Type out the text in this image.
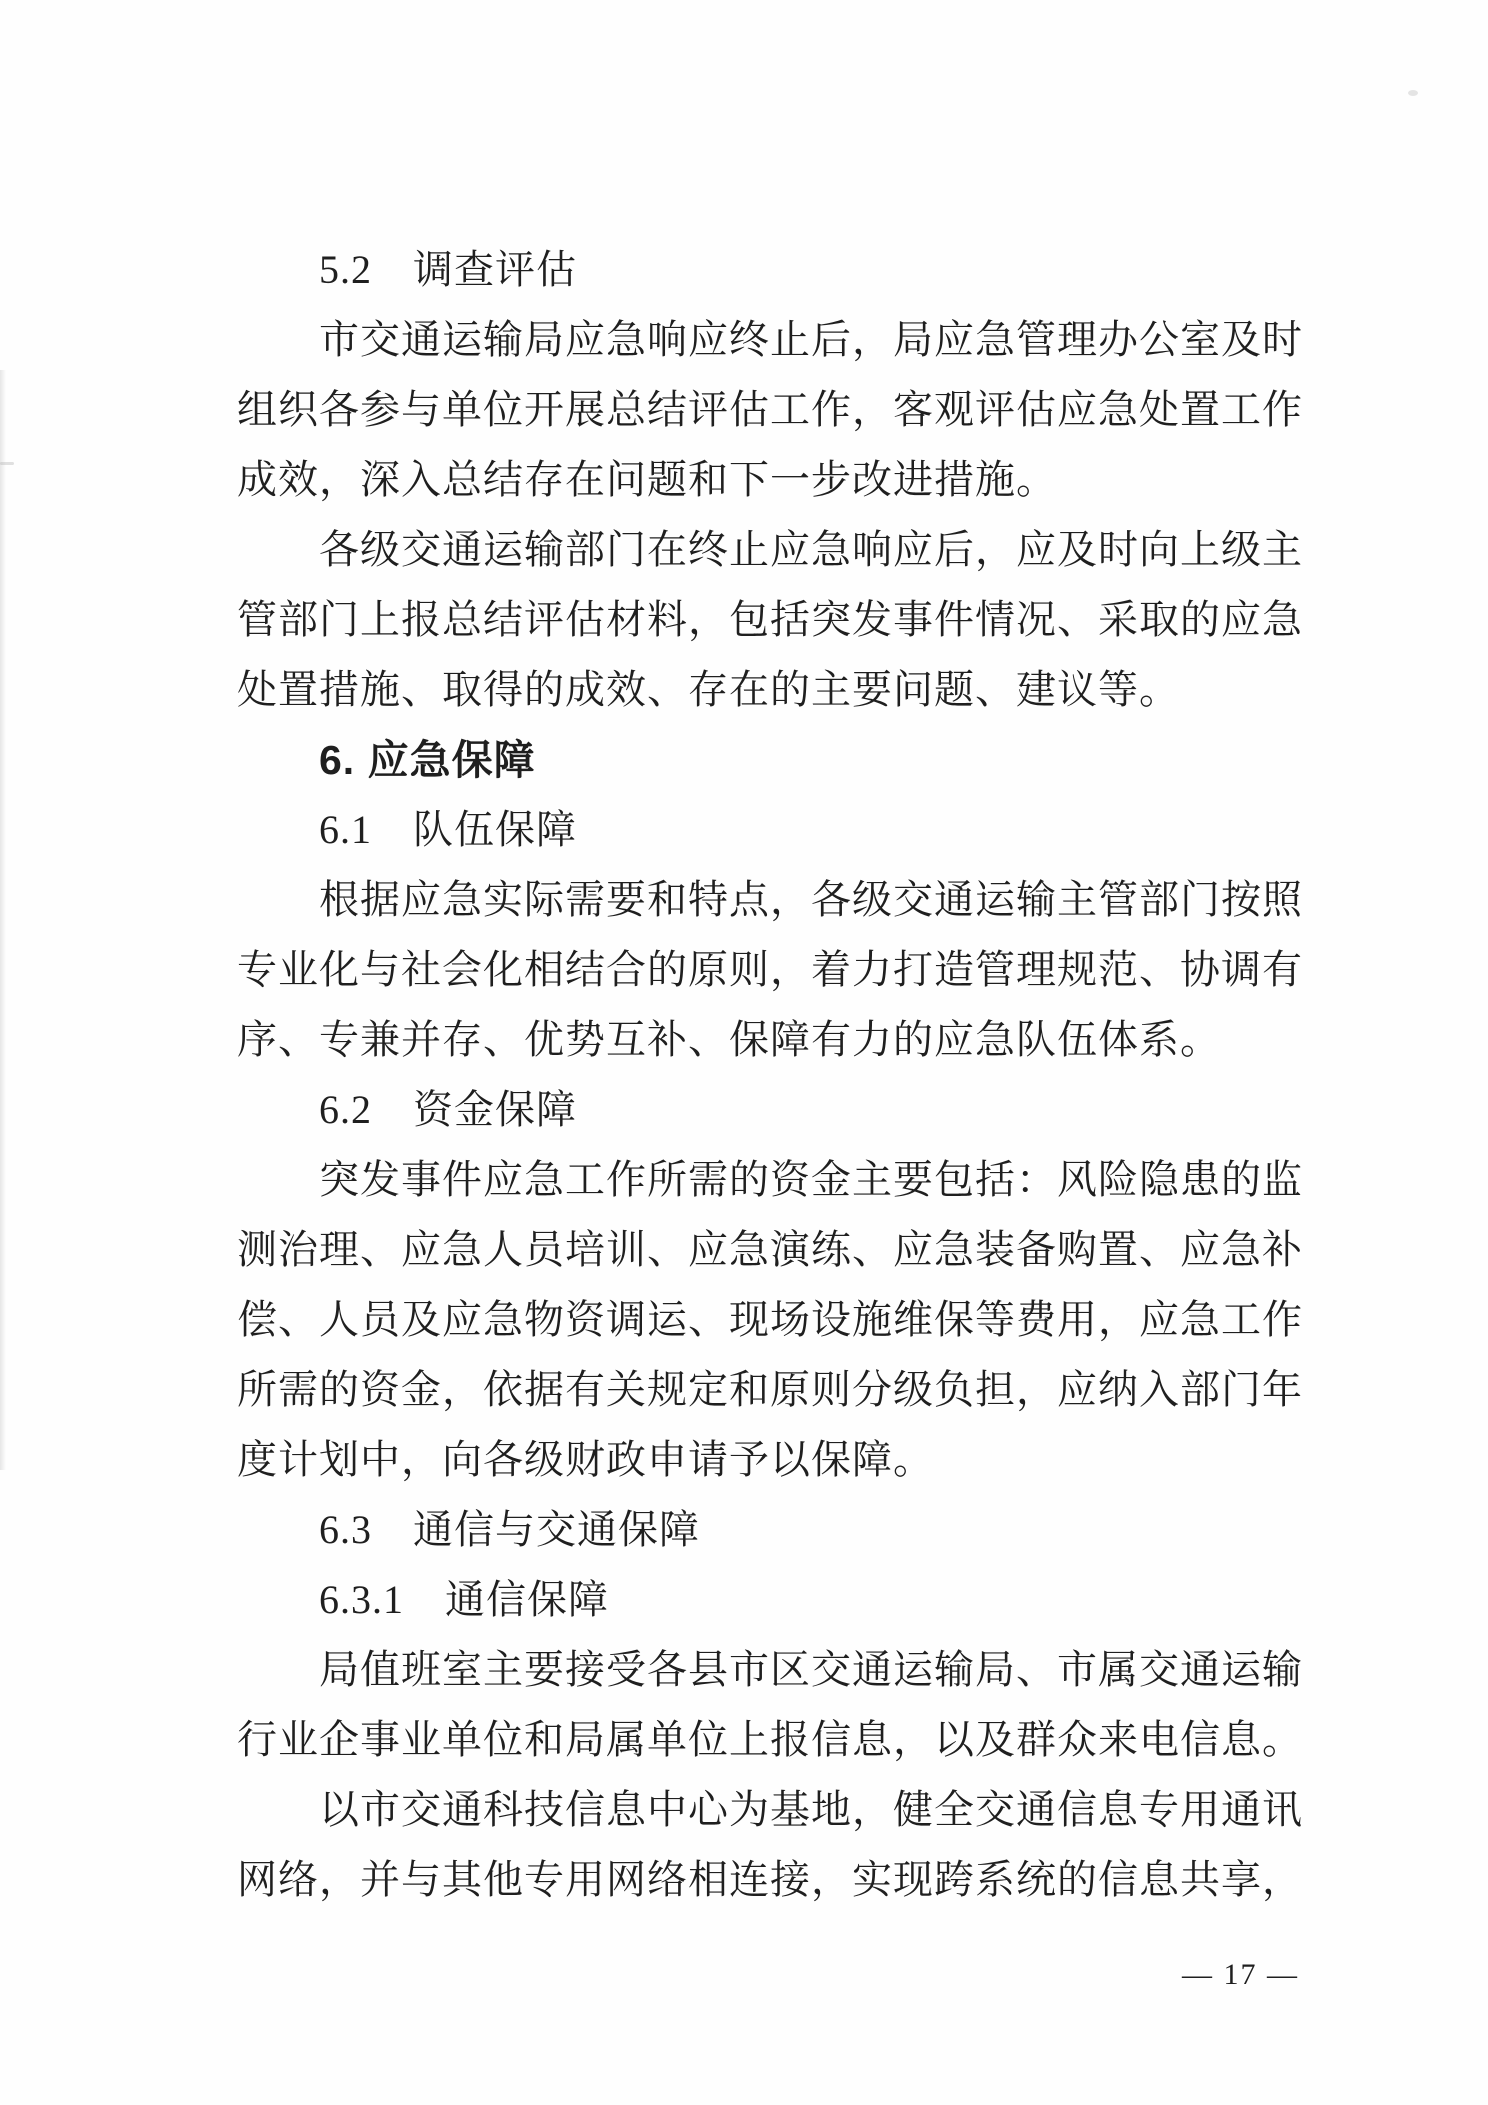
5.2　调查评估
市交通运输局应急响应终止后，局应急管理办公室及时
组织各参与单位开展总结评估工作，客观评估应急处置工作
成效，深入总结存在问题和下一步改进措施。
各级交通运输部门在终止应急响应后，应及时向上级主
管部门上报总结评估材料，包括突发事件情况、采取的应急
处置措施、取得的成效、存在的主要问题、建议等。
6. 应急保障
6.1　队伍保障
根据应急实际需要和特点，各级交通运输主管部门按照
专业化与社会化相结合的原则，着力打造管理规范、协调有
序、专兼并存、优势互补、保障有力的应急队伍体系。
6.2　资金保障
突发事件应急工作所需的资金主要包括：风险隐患的监
测治理、应急人员培训、应急演练、应急装备购置、应急补
偿、人员及应急物资调运、现场设施维保等费用，应急工作
所需的资金，依据有关规定和原则分级负担，应纳入部门年
度计划中，向各级财政申请予以保障。
6.3　通信与交通保障
6.3.1　通信保障
局值班室主要接受各县市区交通运输局、市属交通运输
行业企事业单位和局属单位上报信息，以及群众来电信息。
以市交通科技信息中心为基地，健全交通信息专用通讯
网络，并与其他专用网络相连接，实现跨系统的信息共享，
— 17 —
